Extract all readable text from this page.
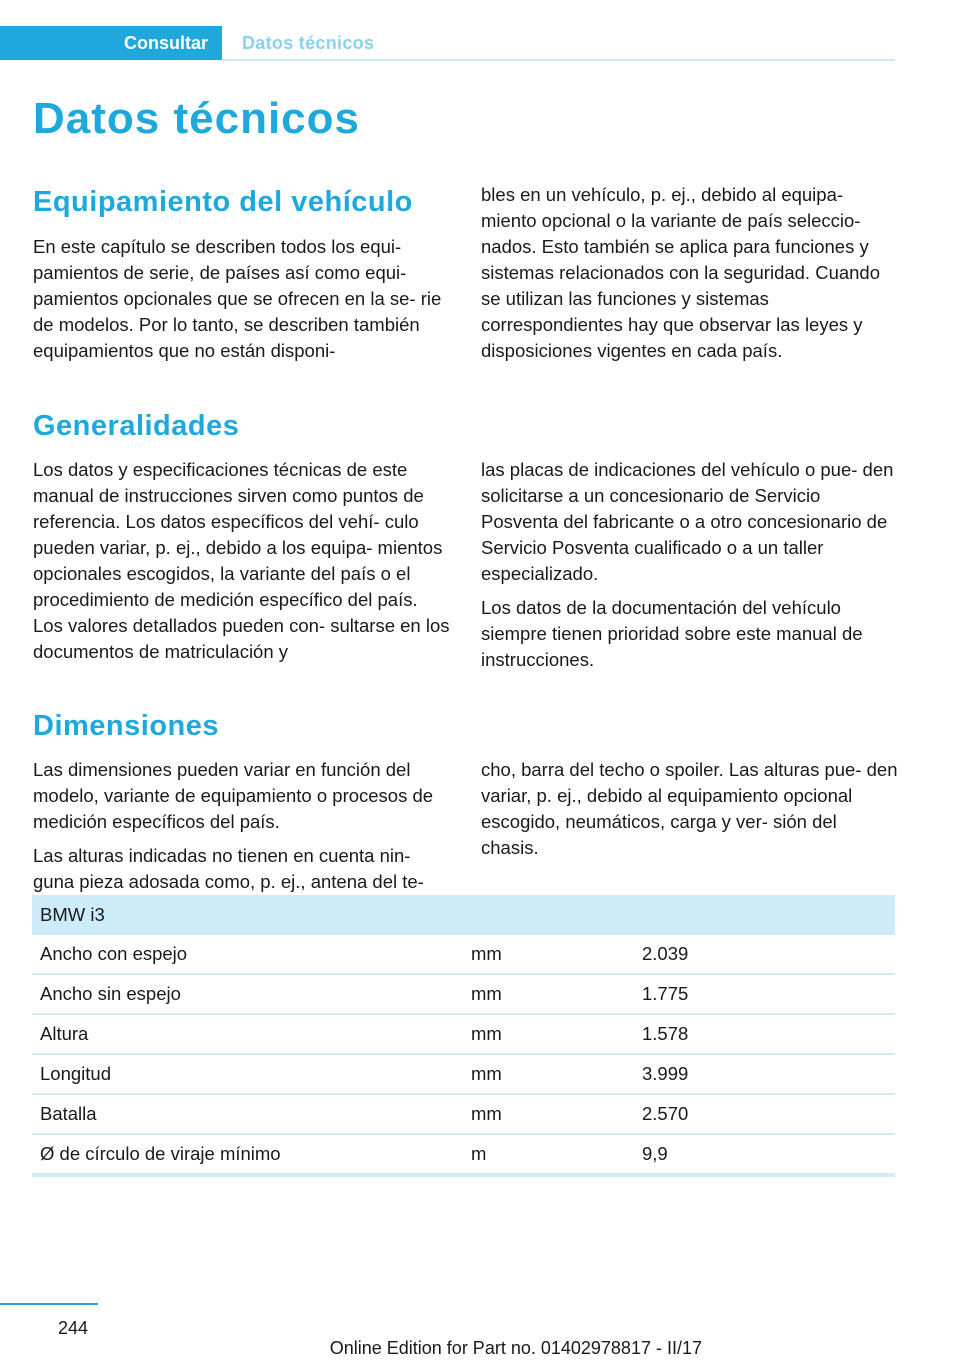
Consultar Datos técnicos
Datos técnicos
Equipamiento del vehículo

En este capítulo se describen todos los equi- pamientos de serie, de países así como equi- pamientos opcionales que se ofrecen en la se- rie de modelos. Por lo tanto, se describen también equipamientos que no están disponi-

bles en un vehículo, p. ej., debido al equipa- miento opcional o la variante de país seleccio- nados. Esto también se aplica para funciones y sistemas relacionados con la seguridad. Cuando se utilizan las funciones y sistemas correspondientes hay que observar las leyes y disposiciones vigentes en cada país.

Generalidades

Los datos y especificaciones técnicas de este manual de instrucciones sirven como puntos de referencia. Los datos específicos del vehí- culo pueden variar, p. ej., debido a los equipa- mientos opcionales escogidos, la variante del país o el procedimiento de medición específico del país. Los valores detallados pueden con- sultarse en los documentos de matriculación y

las placas de indicaciones del vehículo o pue- den solicitarse a un concesionario de Servicio Posventa del fabricante o a otro concesionario de Servicio Posventa cualificado o a un taller especializado.

Los datos de la documentación del vehículo siempre tienen prioridad sobre este manual de instrucciones.

Dimensiones

Las dimensiones pueden variar en función del modelo, variante de equipamiento o procesos de medición específicos del país.

Las alturas indicadas no tienen en cuenta nin- guna pieza adosada como, p. ej., antena del te-

cho, barra del techo o spoiler. Las alturas pue- den variar, p. ej., debido al equipamiento opcional escogido, neumáticos, carga y ver- sión del chasis.

BMW i3		
Ancho con espejo	mm	2.039
Ancho sin espejo	mm	1.775
Altura	mm	1.578
Longitud	mm	3.999
Batalla	mm	2.570
Ø de círculo de viraje mínimo	m	9,9
244
Online Edition for Part no. 01402978817 - II/17
